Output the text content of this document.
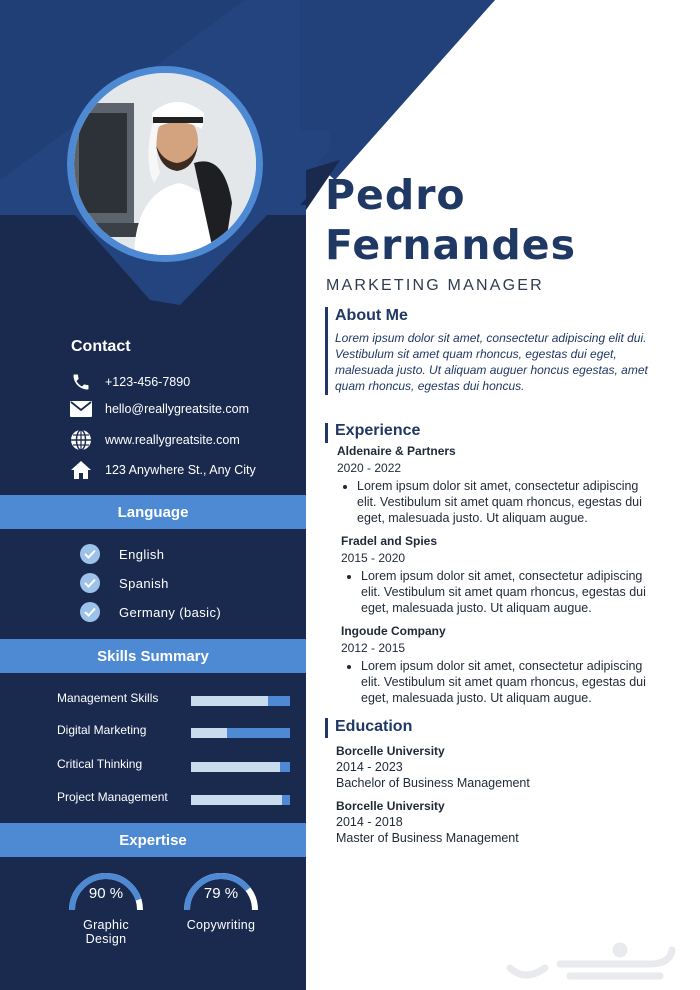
Contact
+123-456-7890
hello@reallygreatsite.com
www.reallygreatsite.com
123 Anywhere St., Any City
Language
English
Spanish
Germany (basic)
Skills Summary
Management Skills
Digital Marketing
Critical Thinking
Project Management
Expertise
90 %
Graphic Design
79 %
Copywriting
Pedro
Fernandes
MARKETING MANAGER
About Me
Lorem ipsum dolor sit amet, consectetur adipiscing elit dui. Vestibulum sit amet quam rhoncus, egestas dui eget, malesuada justo. Ut aliquam auguer honcus egestas, amet quam rhoncus, egestas dui honcus.
Experience
Aldenaire & Partners
2020 - 2022
• Lorem ipsum dolor sit amet, consectetur adipiscing elit. Vestibulum sit amet quam rhoncus, egestas dui eget, malesuada justo. Ut aliquam augue.
Fradel and Spies
2015 - 2020
• Lorem ipsum dolor sit amet, consectetur adipiscing elit. Vestibulum sit amet quam rhoncus, egestas dui eget, malesuada justo. Ut aliquam augue.
Ingoude Company
2012 - 2015
• Lorem ipsum dolor sit amet, consectetur adipiscing elit. Vestibulum sit amet quam rhoncus, egestas dui eget, malesuada justo. Ut aliquam augue.
Education
Borcelle University
2014 - 2023
Bachelor of Business Management
Borcelle University
2014 - 2018
Master of Business Management
